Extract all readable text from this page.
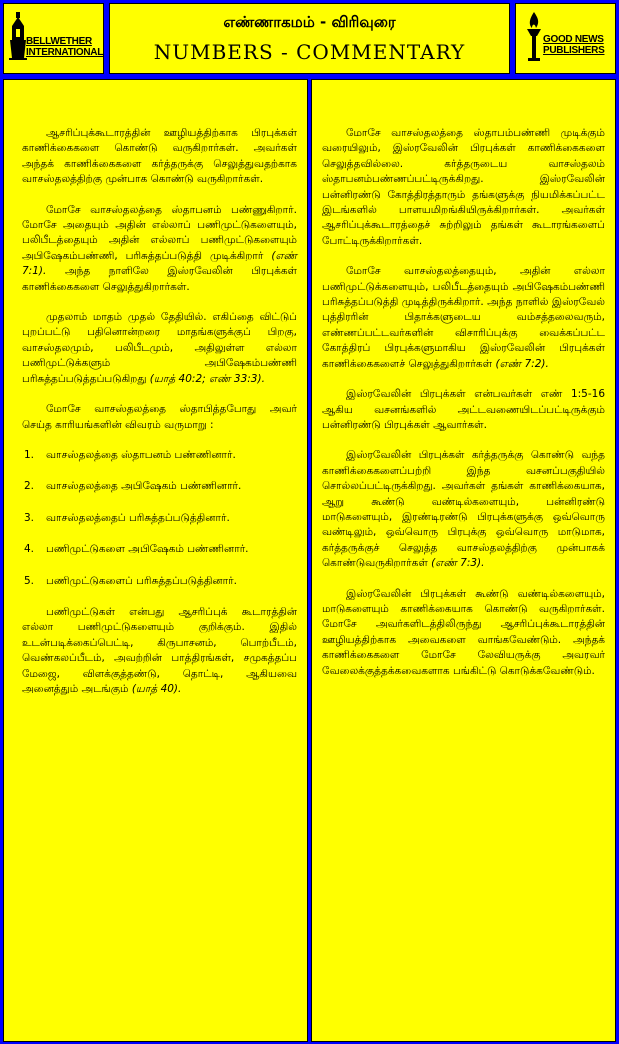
BELLWETHER
INTERNATIONAL
எண்ணாகமம் - விரிவுரை
NUMBERS - COMMENTARY
GOOD NEWS
PUBLISHERS

ஆசரிப்புக்கூடாரத்தின் ஊழியத்திற்காக பிரபுக்கள் காணிக்கைகளை கொண்டு வருகிறார்கள். அவர்கள் அந்தக் காணிக்கைகளை கர்த்தருக்கு செலுத்துவதற்காக வாசஸ்தலத்திற்கு முன்பாக கொண்டு வருகிறார்கள்.

மோசே வாசஸ்தலத்தை ஸ்தாபனம் பண்ணுகிறார். மோசே அதையும் அதின் எல்லாப் பணிமுட்டுகளையும், பலிபீடத்தையும் அதின் எல்லாப் பணிமுட்டுகளையும் அபிஷேகம்பண்ணி, பரிசுத்தப்படுத்தி முடிக்கிறார் (எண் 7:1). அந்த நாளிலே இஸ்ரவேலின் பிரபுக்கள் காணிக்கைகளை செலுத்துகிறார்கள்.

முதலாம் மாதம் முதல் தேதியில். எகிப்தை விட்டுப் புறப்பட்டு பதினொன்றரை மாதங்களுக்குப் பிறகு, வாசஸ்தலமும், பலிபீடமும், அதிலுள்ள எல்லா பணிமுட்டுக்களும் அபிஷேகம்பண்ணி பரிசுத்தப்படுத்தப்படுகிறது (யாத் 40:2; எண் 33:3).

மோசே வாசஸ்தலத்தை ஸ்தாபித்தபோது அவர் செய்த காரியங்களின் விவரம் வருமாறு :

1. வாசஸ்தலத்தை ஸ்தாபனம் பண்ணினார்.
2. வாசஸ்தலத்தை அபிஷேகம் பண்ணினார்.
3. வாசஸ்தலத்தைப் பரிசுத்தப்படுத்தினார்.
4. பணிமுட்டுகளை அபிஷேகம் பண்ணினார்.
5. பணிமுட்டுகளைப் பரிசுத்தப்படுத்தினார்.

பணிமுட்டுகள் என்பது ஆசரிப்புக் கூடாரத்தின் எல்லா பணிமுட்டுகளையும் குறிக்கும். இதில் உடன்படிக்கைப்பெட்டி, கிருபாசனம், பொற்பீடம், வெண்கலப்பீடம், அவற்றின் பாத்திரங்கள், சமுகத்தப்ப மேஜை, விளக்குத்தண்டு, தொட்டி, ஆகியவை அனைத்தும் அடங்கும் (யாத் 40).

மோசே வாசஸ்தலத்தை ஸ்தாபம்பண்ணி முடிக்கும் வரையிலும், இஸ்ரவேலின் பிரபுக்கள் காணிக்கைகளை செலுத்தவில்லை. கர்த்தருடைய வாசஸ்தலம் ஸ்தாபனம்பண்ணப்பட்டிருக்கிறது. இஸ்ரவேலின் பன்னிரண்டு கோத்திரத்தாரும் தங்களுக்கு நியமிக்கப்பட்ட இடங்களில் பாளயமிறங்கியிருக்கிறார்கள். அவர்கள் ஆசரிப்புக்கூடாரத்தைச் சுற்றிலும் தங்கள் கூடாரங்களைப் போட்டிருக்கிறார்கள்.

மோசே வாசஸ்தலத்தையும், அதின் எல்லா பணிமுட்டுக்களையும், பலிபீடத்தையும் அபிஷேகம்பண்ணி பரிசுத்தப்படுத்தி முடித்திருக்கிறார். அந்த நாளில் இஸ்ரவேல் புத்திரரின் பிதாக்களுடைய வம்சத்தலைவரும், எண்ணப்பட்டவர்களின் விசாரிப்புக்கு வைக்கப்பட்ட கோத்திரப் பிரபுக்களுமாகிய இஸ்ரவேலின் பிரபுக்கள் காணிக்கைகளைச் செலுத்துகிறார்கள் (எண் 7:2).

இஸ்ரவேலின் பிரபுக்கள் என்பவர்கள் எண் 1:5-16 ஆகிய வசனங்களில் அட்டவணையிடப்பட்டிருக்கும் பன்னிரண்டு பிரபுக்கள் ஆவார்கள்.

இஸ்ரவேலின் பிரபுக்கள் கர்த்தருக்கு கொண்டு வந்த காணிக்கைகளைப்பற்றி இந்த வசனப்பகுதியில் சொல்லப்பட்டிருக்கிறது. அவர்கள் தங்கள் காணிக்கையாக, ஆறு கூண்டு வண்டில்களையும், பன்னிரண்டு மாடுகளையும், இரண்டிரண்டு பிரபுக்களுக்கு ஒவ்வொரு வண்டிலும், ஒவ்வொரு பிரபுக்கு ஒவ்வொரு மாடுமாக, கர்த்தருக்குச் செலுத்த வாசஸ்தலத்திற்கு முன்பாகக் கொண்டுவருகிறார்கள் (எண் 7:3).

இஸ்ரவேலின் பிரபுக்கள் கூண்டு வண்டில்களையும், மாடுகளையும் காணிக்கையாக கொண்டு வருகிறார்கள். மோசே அவர்களிடத்திலிருந்து ஆசரிப்புக்கூடாரத்தின் ஊழியத்திற்காக அவைகளை வாங்கவேண்டும். அந்தக் காணிக்கைகளை மோசே லேவியருக்கு அவரவர் வேலைக்குத்தக்கவைகளாக பங்கிட்டு கொடுக்கவேண்டும்.
